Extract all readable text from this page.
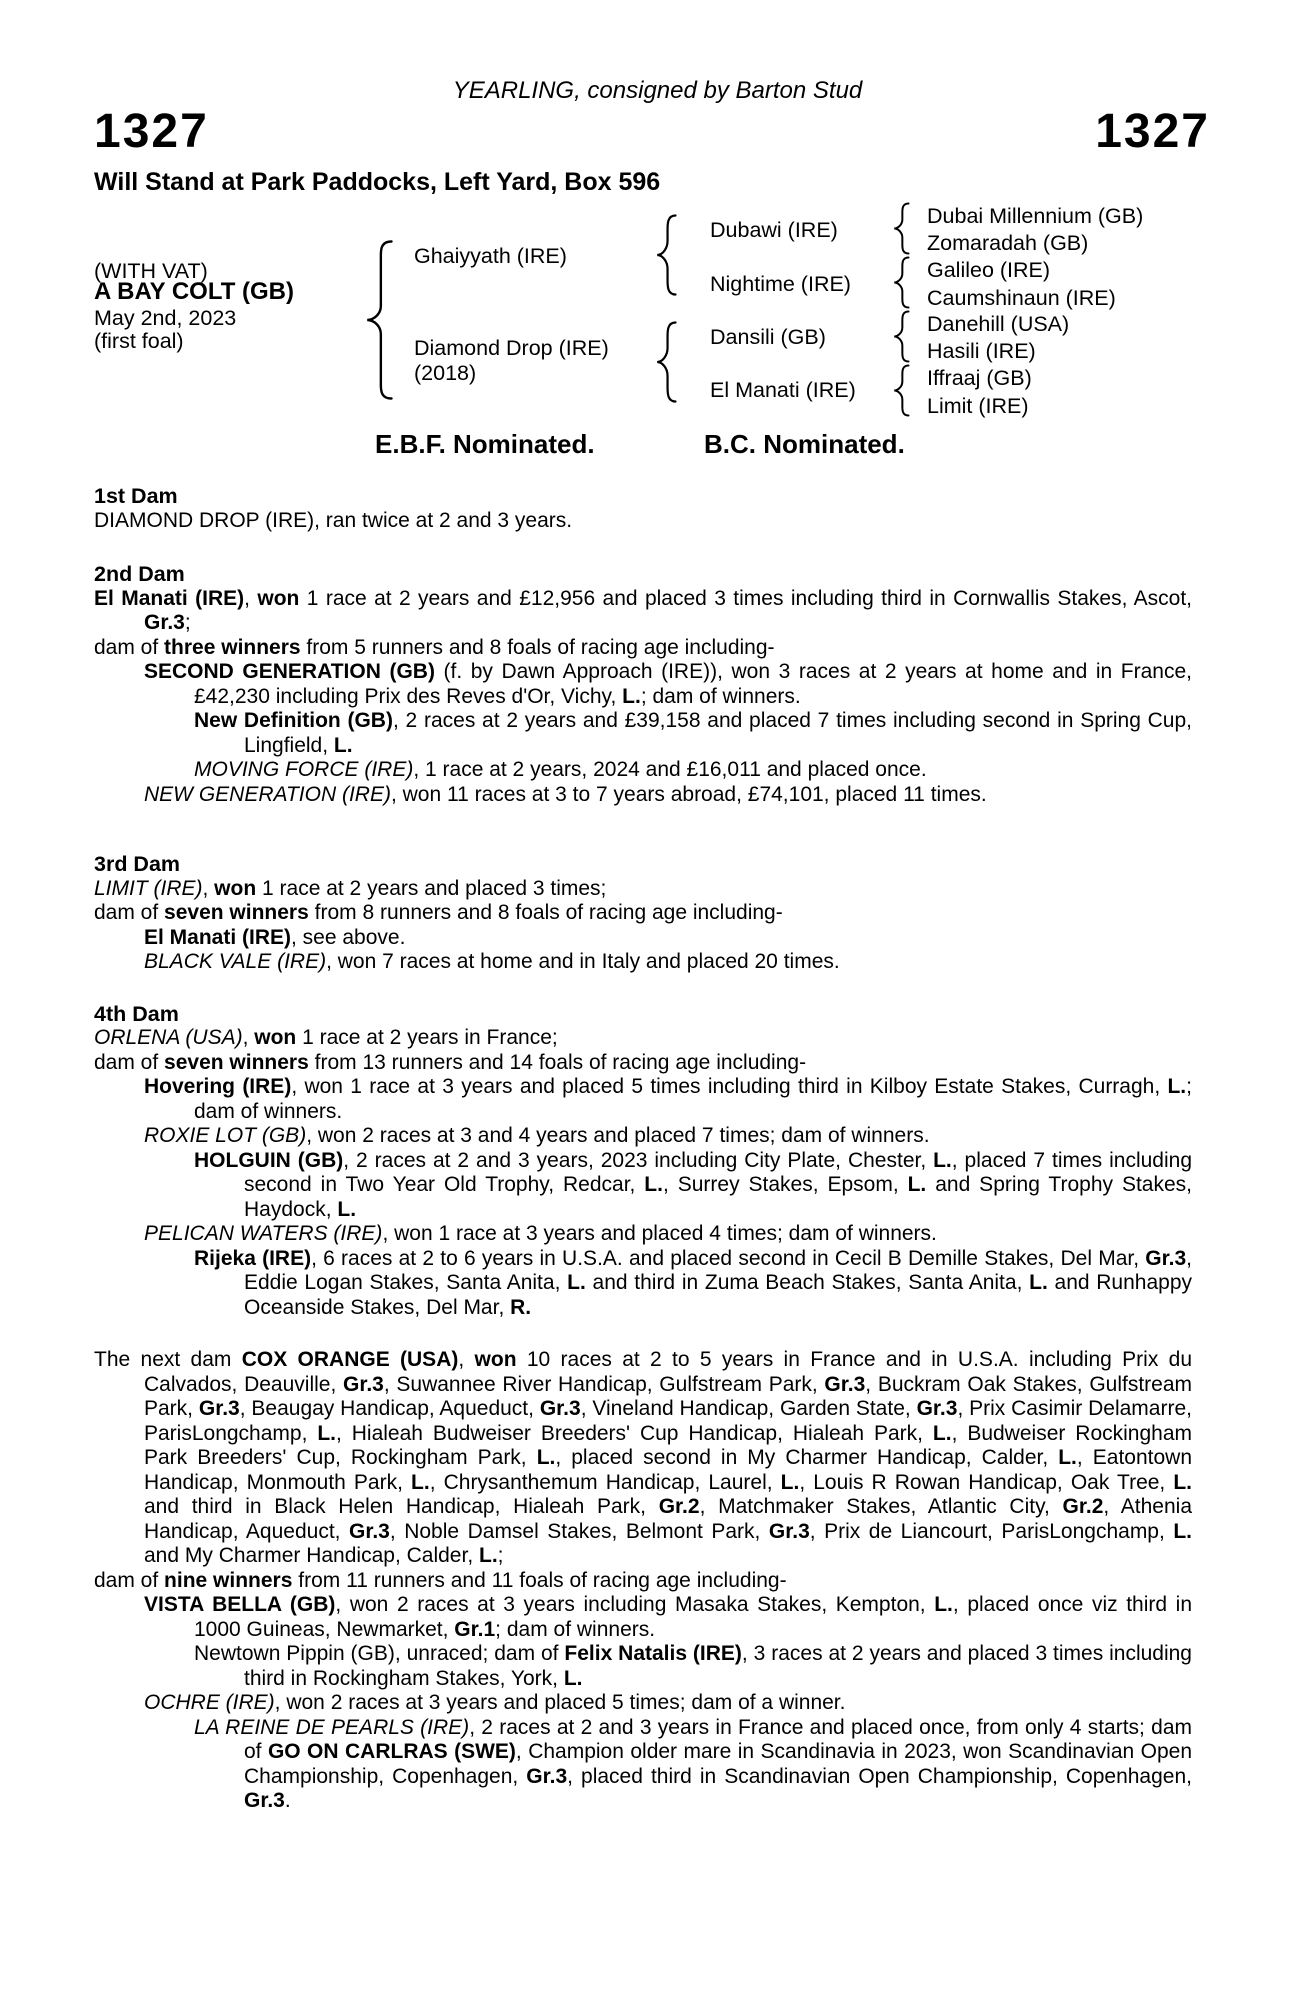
YEARLING, consigned by Barton Stud
1327	1327
Will Stand at Park Paddocks, Left Yard, Box 596
(WITH VAT)
A BAY COLT (GB)
May 2nd, 2023
(first foal)
Ghaiyyath (IRE)
Diamond Drop (IRE)
(2018)
Dubawi (IRE)
Nightime (IRE)
Dansili (GB)
El Manati (IRE)
Dubai Millennium (GB)
Zomaradah (GB)
Galileo (IRE)
Caumshinaun (IRE)
Danehill (USA)
Hasili (IRE)
Iffraaj (GB)
Limit (IRE)
E.B.F. Nominated.	B.C. Nominated.
1st Dam

DIAMOND DROP (IRE), ran twice at 2 and 3 years.

2nd Dam

El Manati (IRE), won 1 race at 2 years and £12,956 and placed 3 times including third in Cornwallis Stakes, Ascot, Gr.3;

dam of three winners from 5 runners and 8 foals of racing age including-

SECOND GENERATION (GB) (f. by Dawn Approach (IRE)), won 3 races at 2 years at home and in France, £42,230 including Prix des Reves d'Or, Vichy, L.; dam of winners.

New Definition (GB), 2 races at 2 years and £39,158 and placed 7 times including second in Spring Cup, Lingfield, L.

MOVING FORCE (IRE), 1 race at 2 years, 2024 and £16,011 and placed once.

NEW GENERATION (IRE), won 11 races at 3 to 7 years abroad, £74,101, placed 11 times.

3rd Dam

LIMIT (IRE), won 1 race at 2 years and placed 3 times;

dam of seven winners from 8 runners and 8 foals of racing age including-

El Manati (IRE), see above.

BLACK VALE (IRE), won 7 races at home and in Italy and placed 20 times.

4th Dam

ORLENA (USA), won 1 race at 2 years in France;

dam of seven winners from 13 runners and 14 foals of racing age including-

Hovering (IRE), won 1 race at 3 years and placed 5 times including third in Kilboy Estate Stakes, Curragh, L.; dam of winners.

ROXIE LOT (GB), won 2 races at 3 and 4 years and placed 7 times; dam of winners.

HOLGUIN (GB), 2 races at 2 and 3 years, 2023 including City Plate, Chester, L., placed 7 times including second in Two Year Old Trophy, Redcar, L., Surrey Stakes, Epsom, L. and Spring Trophy Stakes, Haydock, L.

PELICAN WATERS (IRE), won 1 race at 3 years and placed 4 times; dam of winners.

Rijeka (IRE), 6 races at 2 to 6 years in U.S.A. and placed second in Cecil B Demille Stakes, Del Mar, Gr.3, Eddie Logan Stakes, Santa Anita, L. and third in Zuma Beach Stakes, Santa Anita, L. and Runhappy Oceanside Stakes, Del Mar, R.

The next dam COX ORANGE (USA), won 10 races at 2 to 5 years in France and in U.S.A. including Prix du Calvados, Deauville, Gr.3, Suwannee River Handicap, Gulfstream Park, Gr.3, Buckram Oak Stakes, Gulfstream Park, Gr.3, Beaugay Handicap, Aqueduct, Gr.3, Vineland Handicap, Garden State, Gr.3, Prix Casimir Delamarre, ParisLongchamp, L., Hialeah Budweiser Breeders' Cup Handicap, Hialeah Park, L., Budweiser Rockingham Park Breeders' Cup, Rockingham Park, L., placed second in My Charmer Handicap, Calder, L., Eatontown Handicap, Monmouth Park, L., Chrysanthemum Handicap, Laurel, L., Louis R Rowan Handicap, Oak Tree, L. and third in Black Helen Handicap, Hialeah Park, Gr.2, Matchmaker Stakes, Atlantic City, Gr.2, Athenia Handicap, Aqueduct, Gr.3, Noble Damsel Stakes, Belmont Park, Gr.3, Prix de Liancourt, ParisLongchamp, L. and My Charmer Handicap, Calder, L.;

dam of nine winners from 11 runners and 11 foals of racing age including-

VISTA BELLA (GB), won 2 races at 3 years including Masaka Stakes, Kempton, L., placed once viz third in 1000 Guineas, Newmarket, Gr.1; dam of winners.

Newtown Pippin (GB), unraced; dam of Felix Natalis (IRE), 3 races at 2 years and placed 3 times including third in Rockingham Stakes, York, L.

OCHRE (IRE), won 2 races at 3 years and placed 5 times; dam of a winner.

LA REINE DE PEARLS (IRE), 2 races at 2 and 3 years in France and placed once, from only 4 starts; dam of GO ON CARLRAS (SWE), Champion older mare in Scandinavia in 2023, won Scandinavian Open Championship, Copenhagen, Gr.3, placed third in Scandinavian Open Championship, Copenhagen, Gr.3.
